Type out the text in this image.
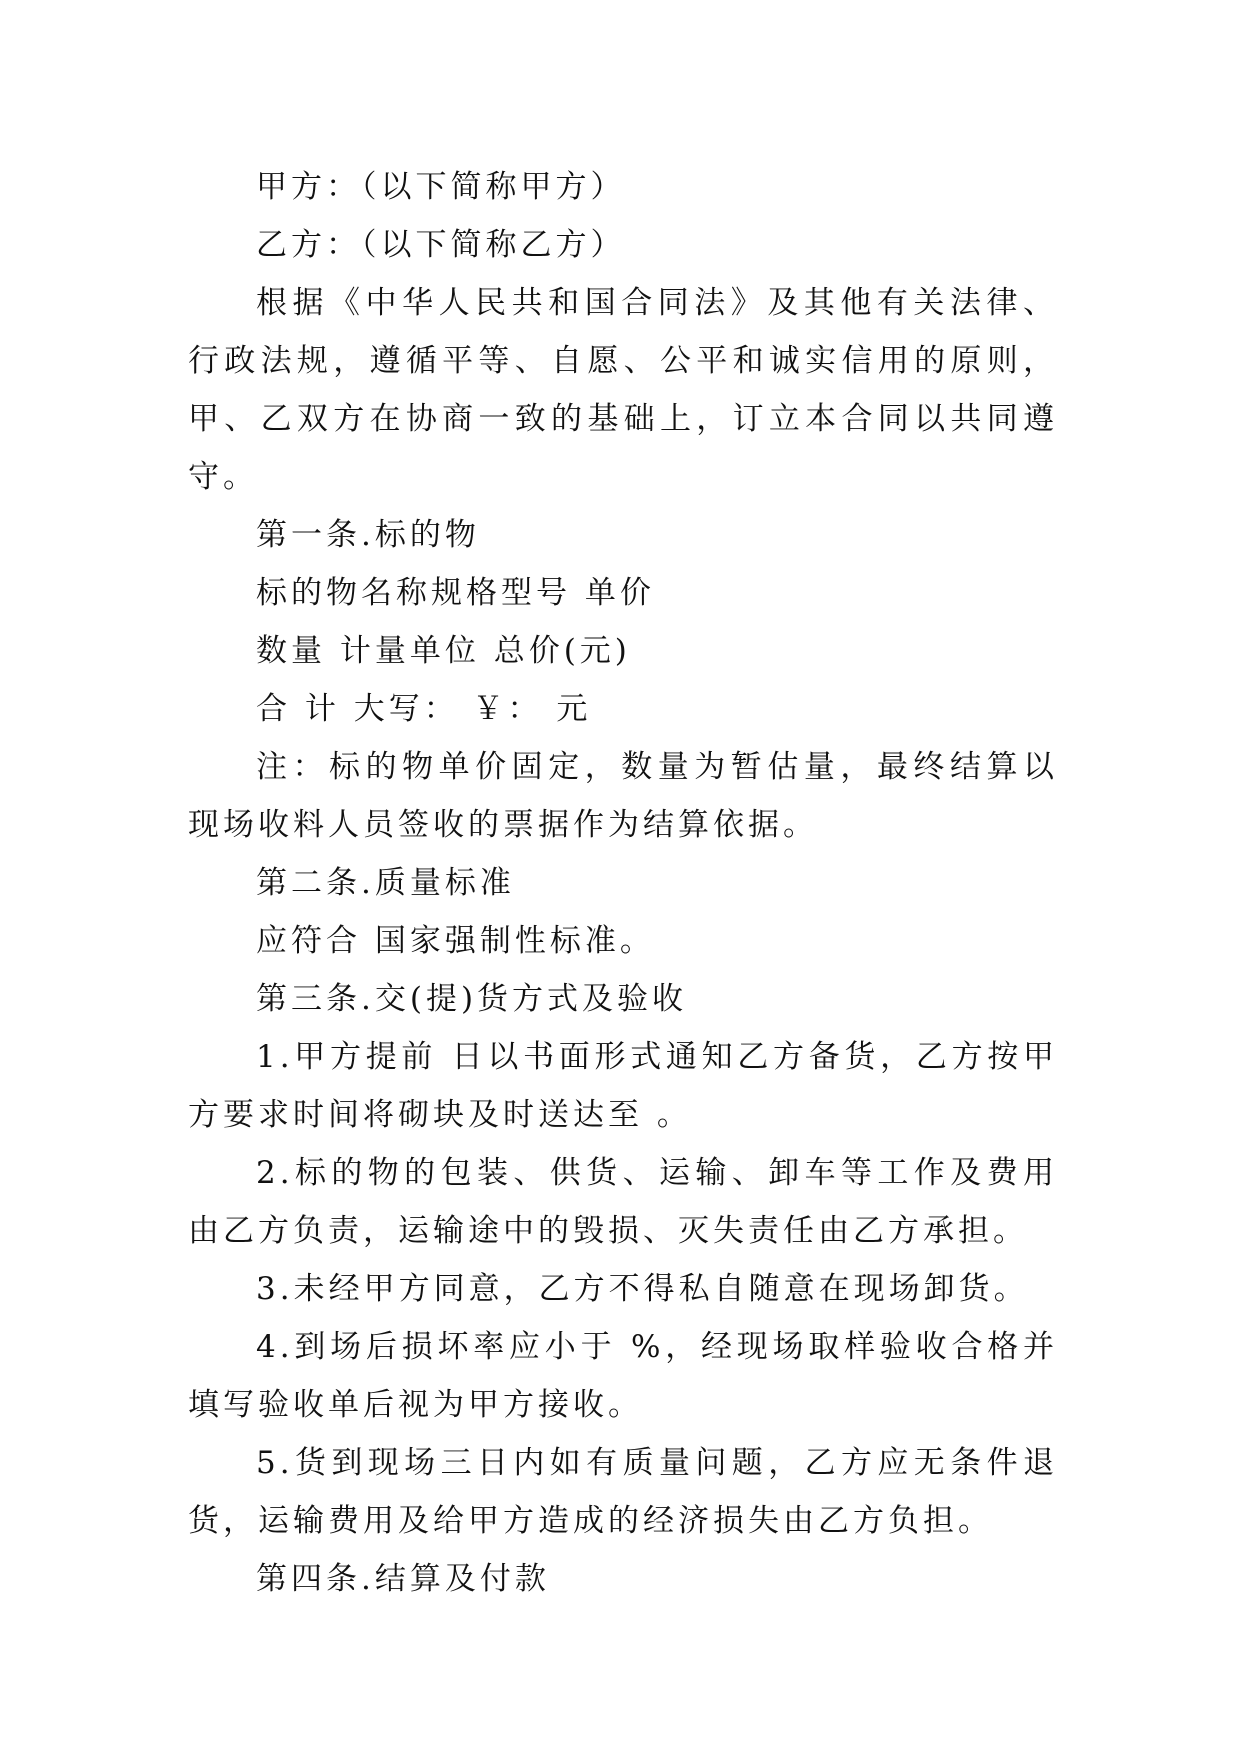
甲方：（以下简称甲方）

乙方：（以下简称乙方）

根据《中华人民共和国合同法》及其他有关法律、行政法规，遵循平等、自愿、公平和诚实信用的原则，甲、乙双方在协商一致的基础上，订立本合同以共同遵守。

第一条.标的物

标的物名称规格型号 单价

数量 计量单位 总价(元)

合 计 大写： ￥： 元

注：标的物单价固定，数量为暂估量，最终结算以现场收料人员签收的票据作为结算依据。

第二条.质量标准

应符合 国家强制性标准。

第三条.交(提)货方式及验收

1.甲方提前 日以书面形式通知乙方备货，乙方按甲方要求时间将砌块及时送达至 。

2.标的物的包装、供货、运输、卸车等工作及费用由乙方负责，运输途中的毁损、灭失责任由乙方承担。

3.未经甲方同意，乙方不得私自随意在现场卸货。

4.到场后损坏率应小于 %，经现场取样验收合格并填写验收单后视为甲方接收。

5.货到现场三日内如有质量问题，乙方应无条件退货，运输费用及给甲方造成的经济损失由乙方负担。

第四条.结算及付款
